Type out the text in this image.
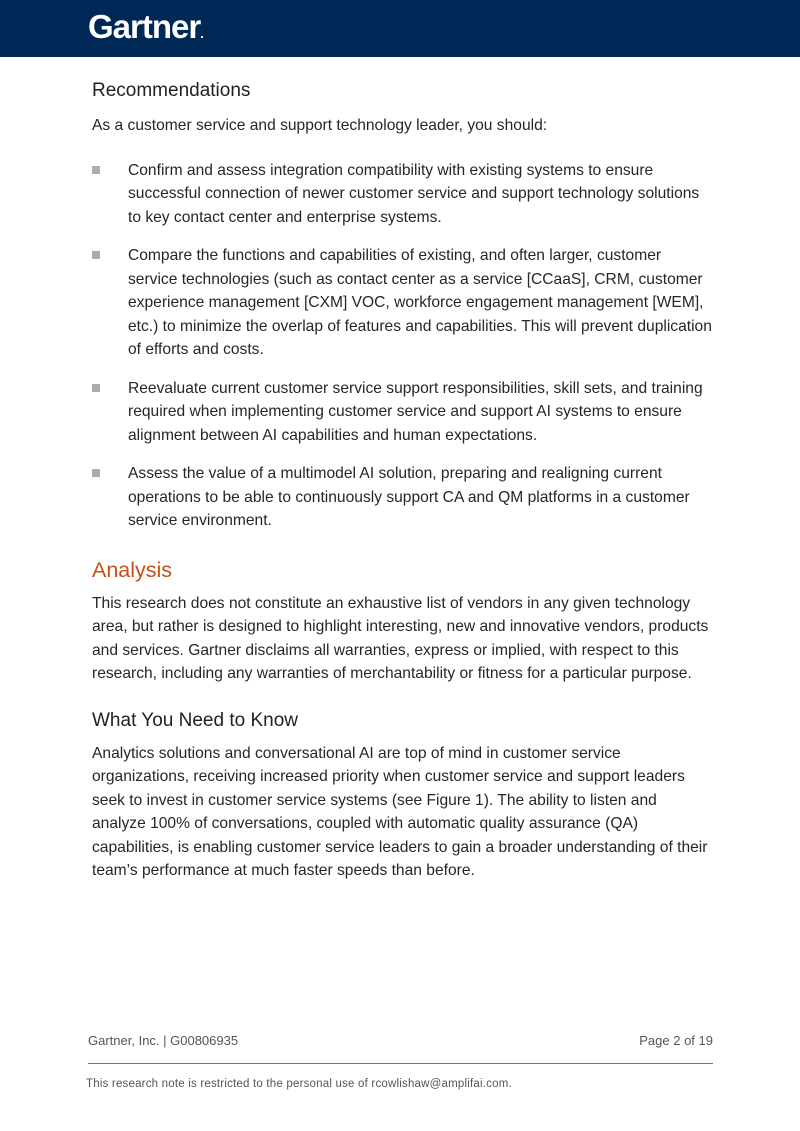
Gartner.
Recommendations

As a customer service and support technology leader, you should:

Confirm and assess integration compatibility with existing systems to ensure successful connection of newer customer service and support technology solutions to key contact center and enterprise systems.
Compare the functions and capabilities of existing, and often larger, customer service technologies (such as contact center as a service [CCaaS], CRM, customer experience management [CXM] VOC, workforce engagement management [WEM], etc.) to minimize the overlap of features and capabilities. This will prevent duplication of efforts and costs.
Reevaluate current customer service support responsibilities, skill sets, and training required when implementing customer service and support AI systems to ensure alignment between AI capabilities and human expectations.
Assess the value of a multimodel AI solution, preparing and realigning current operations to be able to continuously support CA and QM platforms in a customer service environment.
Analysis

This research does not constitute an exhaustive list of vendors in any given technology area, but rather is designed to highlight interesting, new and innovative vendors, products and services. Gartner disclaims all warranties, express or implied, with respect to this research, including any warranties of merchantability or fitness for a particular purpose.

What You Need to Know

Analytics solutions and conversational AI are top of mind in customer service organizations, receiving increased priority when customer service and support leaders seek to invest in customer service systems (see Figure 1). The ability to listen and analyze 100% of conversations, coupled with automatic quality assurance (QA) capabilities, is enabling customer service leaders to gain a broader understanding of their team’s performance at much faster speeds than before.

Gartner, Inc. | G00806935	Page 2 of 19
This research note is restricted to the personal use of rcowlishaw@amplifai.com.
